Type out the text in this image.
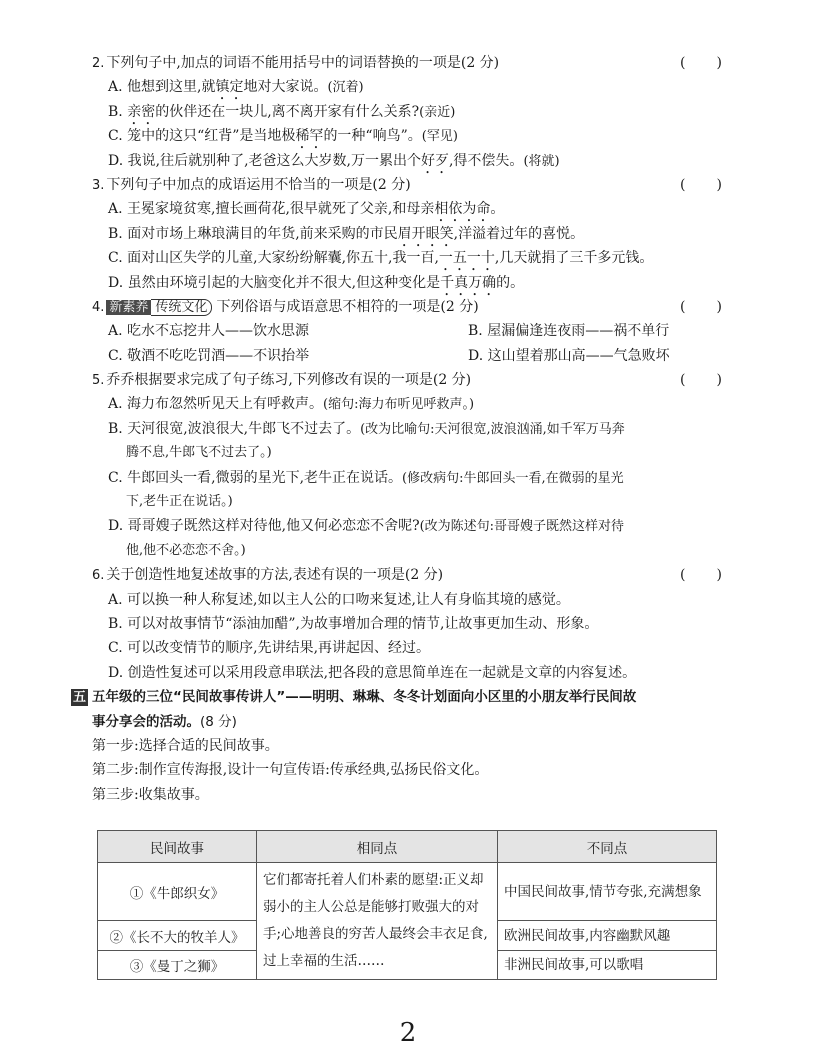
2. 下列句子中,加点的词语不能用括号中的词语替换的一项是(2 分)	( )
A. 他想到这里,就镇定地对大家说。(沉着)
B. 亲密的伙伴还在一块儿,离不离开家有什么关系?(亲近)
C. 笼中的这只“红背”是当地极稀罕的一种“响鸟”。(罕见)
D. 我说,往后就别种了,老爸这么大岁数,万一累出个好歹,得不偿失。(将就)
3. 下列句子中加点的成语运用不恰当的一项是(2 分)	( )
A. 王冕家境贫寒,擅长画荷花,很早就死了父亲,和母亲相依为命。
B. 面对市场上琳琅满目的年货,前来采购的市民眉开眼笑,洋溢着过年的喜悦。
C. 面对山区失学的儿童,大家纷纷解囊,你五十,我一百,一五一十,几天就捐了三千多元钱。
D. 虽然由环境引起的大脑变化并不很大,但这种变化是千真万确的。
4. 新素养 传统文化 下列俗语与成语意思不相符的一项是(2 分)	( )
A. 吃水不忘挖井人——饮水思源	B. 屋漏偏逢连夜雨——祸不单行
C. 敬酒不吃吃罚酒——不识抬举	D. 这山望着那山高——气急败坏
5. 乔乔根据要求完成了句子练习,下列修改有误的一项是(2 分)	( )
A. 海力布忽然听见天上有呼救声。(缩句:海力布听见呼救声。)
B. 天河很宽,波浪很大,牛郎飞不过去了。(改为比喻句:天河很宽,波浪汹涌,如千军万马奔
腾不息,牛郎飞不过去了。)
C. 牛郎回头一看,微弱的星光下,老牛正在说话。(修改病句:牛郎回头一看,在微弱的星光
下,老牛正在说话。)
D. 哥哥嫂子既然这样对待他,他又何必恋恋不舍呢?(改为陈述句:哥哥嫂子既然这样对待
他,他不必恋恋不舍。)
6. 关于创造性地复述故事的方法,表述有误的一项是(2 分)	( )
A. 可以换一种人称复述,如以主人公的口吻来复述,让人有身临其境的感觉。
B. 可以对故事情节“添油加醋”,为故事增加合理的情节,让故事更加生动、形象。
C. 可以改变情节的顺序,先讲结果,再讲起因、经过。
D. 创造性复述可以采用段意串联法,把各段的意思简单连在一起就是文章的内容复述。
五 五年级的三位“民间故事传讲人”——明明、琳琳、冬冬计划面向小区里的小朋友举行民间故
事分享会的活动。(8 分)
第一步:选择合适的民间故事。
第二步:制作宣传海报,设计一句宣传语:传承经典,弘扬民俗文化。
第三步:收集故事。
民间故事	相同点	不同点
①《牛郎织女》	它们都寄托着人们朴素的愿望:正义却弱小的主人公总是能够打败强大的对手;心地善良的穷苦人最终会丰衣足食,过上幸福的生活……	中国民间故事,情节夸张,充满想象
②《长不大的牧羊人》		欧洲民间故事,内容幽默风趣
③《曼丁之狮》		非洲民间故事,可以歌唱
2
